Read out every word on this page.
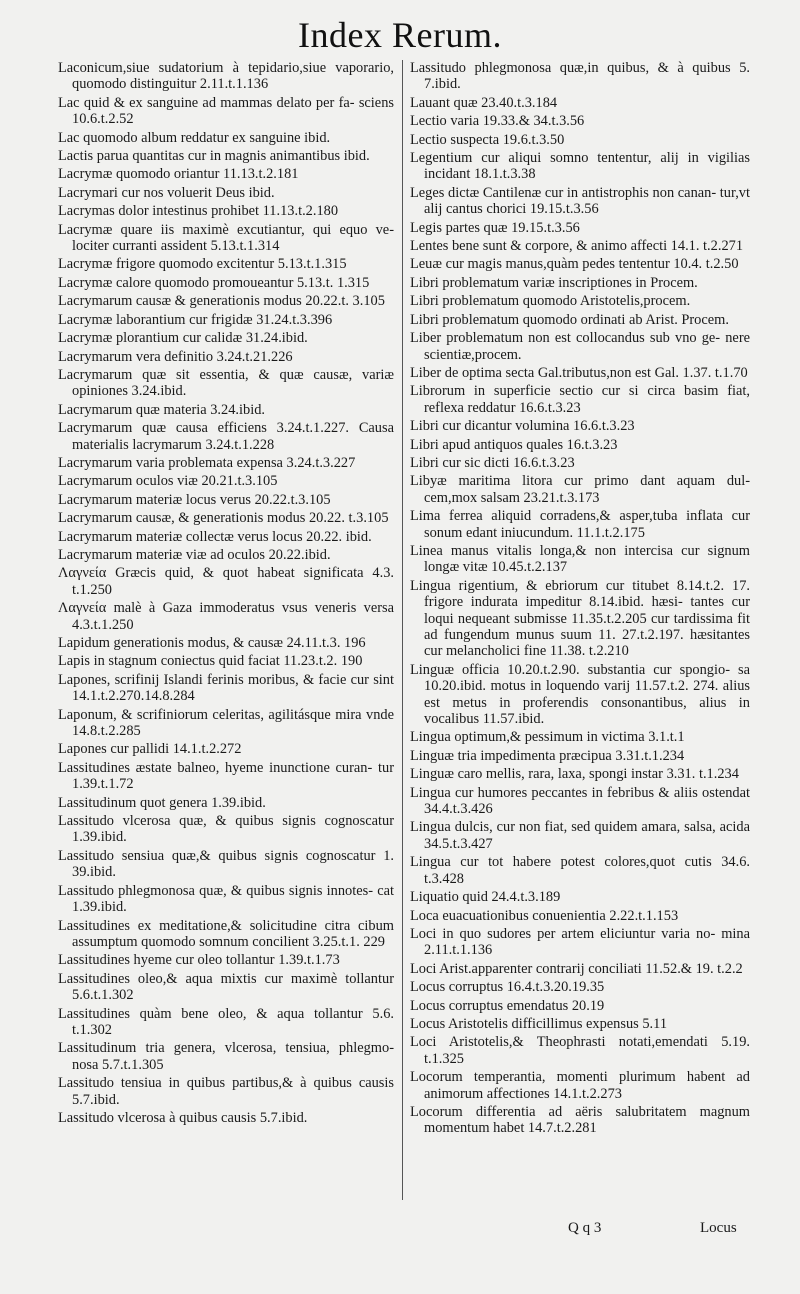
Index Rerum.
Laconicum,siue sudatorium à tepidario,siue vaporario, quomodo distinguitur 2.11.t.1.136
Lac quid & ex sanguine ad mammas delato per fa- sciens 10.6.t.2.52
Lac quomodo album reddatur ex sanguine ibid.
Lactis parua quantitas cur in magnis animantibus ibid.
Lacrymæ quomodo oriantur 11.13.t.2.181
Lacrymari cur nos voluerit Deus ibid.
Lacrymas dolor intestinus prohibet 11.13.t.2.180
Lacrymæ quare iis maximè excutiantur, qui equo ve- lociter curranti assident 5.13.t.1.314
Lacrymæ frigore quomodo excitentur 5.13.t.1.315
Lacrymæ calore quomodo promoueantur 5.13.t. 1.315
Lacrymarum causæ & generationis modus 20.22.t. 3.105
Lacrymæ laborantium cur frigidæ 31.24.t.3.396
Lacrymæ plorantium cur calidæ 31.24.ibid.
Lacrymarum vera definitio 3.24.t.21.226
Lacrymarum quæ sit essentia, & quæ causæ, variæ opiniones 3.24.ibid.
Lacrymarum quæ materia 3.24.ibid.
Lacrymarum quæ causa efficiens 3.24.t.1.227. Causa materialis lacrymarum 3.24.t.1.228
Lacrymarum varia problemata expensa 3.24.t.3.227
Lacrymarum oculos viæ 20.21.t.3.105
Lacrymarum materiæ locus verus 20.22.t.3.105
Lacrymarum causæ, & generationis modus 20.22. t.3.105
Lacrymarum materiæ collectæ verus locus 20.22. ibid.
Lacrymarum materiæ viæ ad oculos 20.22.ibid.
Λαγνεία Græcis quid, & quot habeat significata 4.3. t.1.250
Λαγνεία malè à Gaza immoderatus vsus veneris versa 4.3.t.1.250
Lapidum generationis modus, & causæ 24.11.t.3. 196
Lapis in stagnum coniectus quid faciat 11.23.t.2. 190
Lapones, scrifinij Islandi ferinis moribus, & facie cur sint 14.1.t.2.270.14.8.284
Laponum, & scrifiniorum celeritas, agilitásque mira vnde 14.8.t.2.285
Lapones cur pallidi 14.1.t.2.272
Lassitudines æstate balneo, hyeme inunctione curan- tur 1.39.t.1.72
Lassitudinum quot genera 1.39.ibid.
Lassitudo vlcerosa quæ, & quibus signis cognoscatur 1.39.ibid.
Lassitudo sensiua quæ,& quibus signis cognoscatur 1. 39.ibid.
Lassitudo phlegmonosa quæ, & quibus signis innotes- cat 1.39.ibid.
Lassitudines ex meditatione,& solicitudine citra cibum assumptum quomodo somnum concilient 3.25.t.1. 229
Lassitudines hyeme cur oleo tollantur 1.39.t.1.73
Lassitudines oleo,& aqua mixtis cur maximè tollantur 5.6.t.1.302
Lassitudines quàm bene oleo, & aqua tollantur 5.6. t.1.302
Lassitudinum tria genera, vlcerosa, tensiua, phlegmo- nosa 5.7.t.1.305
Lassitudo tensiua in quibus partibus,& à quibus causis 5.7.ibid.
Lassitudo vlcerosa à quibus causis 5.7.ibid.
Lassitudo phlegmonosa quæ,in quibus, & à quibus 5. 7.ibid.
Lauant quæ 23.40.t.3.184
Lectio varia 19.33.& 34.t.3.56
Lectio suspecta 19.6.t.3.50
Legentium cur aliqui somno tententur, alij in vigilias incidant 18.1.t.3.38
Leges dictæ Cantilenæ cur in antistrophis non canan- tur,vt alij cantus chorici 19.15.t.3.56
Legis partes quæ 19.15.t.3.56
Lentes bene sunt & corpore, & animo affecti 14.1. t.2.271
Leuæ cur magis manus,quàm pedes tententur 10.4. t.2.50
Libri problematum variæ inscriptiones in Procem.
Libri problematum quomodo Aristotelis,procem.
Libri problematum quomodo ordinati ab Arist. Procem.
Liber problematum non est collocandus sub vno ge- nere scientiæ,procem.
Liber de optima secta Gal.tributus,non est Gal. 1.37. t.1.70
Librorum in superficie sectio cur si circa basim fiat, reflexa reddatur 16.6.t.3.23
Libri cur dicantur volumina 16.6.t.3.23
Libri apud antiquos quales 16.t.3.23
Libri cur sic dicti 16.6.t.3.23
Libyæ maritima litora cur primo dant aquam dul- cem,mox salsam 23.21.t.3.173
Lima ferrea aliquid corradens,& asper,tuba inflata cur sonum edant iniucundum. 11.1.t.2.175
Linea manus vitalis longa,& non intercisa cur signum longæ vitæ 10.45.t.2.137
Lingua rigentium, & ebriorum cur titubet 8.14.t.2. 17. frigore indurata impeditur 8.14.ibid. hæsi- tantes cur loqui nequeant submisse 11.35.t.2.205 cur tardissima fit ad fungendum munus suum 11. 27.t.2.197. hæsitantes cur melancholici fine 11.38. t.2.210
Linguæ officia 10.20.t.2.90. substantia cur spongio- sa 10.20.ibid. motus in loquendo varij 11.57.t.2. 274. alius est metus in proferendis consonantibus, alius in vocalibus 11.57.ibid.
Lingua optimum,& pessimum in victima 3.1.t.1
Linguæ tria impedimenta præcipua 3.31.t.1.234
Linguæ caro mellis, rara, laxa, spongi instar 3.31. t.1.234
Lingua cur humores peccantes in febribus & aliis ostendat 34.4.t.3.426
Lingua dulcis, cur non fiat, sed quidem amara, salsa, acida 34.5.t.3.427
Lingua cur tot habere potest colores,quot cutis 34.6. t.3.428
Liquatio quid 24.4.t.3.189
Loca euacuationibus conuenientia 2.22.t.1.153
Loci in quo sudores per artem eliciuntur varia no- mina 2.11.t.1.136
Loci Arist.apparenter contrarij conciliati 11.52.& 19. t.2.2
Locus corruptus 16.4.t.3.20.19.35
Locus corruptus emendatus 20.19
Locus Aristotelis difficillimus expensus 5.11
Loci Aristotelis,& Theophrasti notati,emendati 5.19. t.1.325
Locorum temperantia, momenti plurimum habent ad animorum affectiones 14.1.t.2.273
Locorum differentia ad aëris salubritatem magnum momentum habet 14.7.t.2.281
Q q 3	Locus
